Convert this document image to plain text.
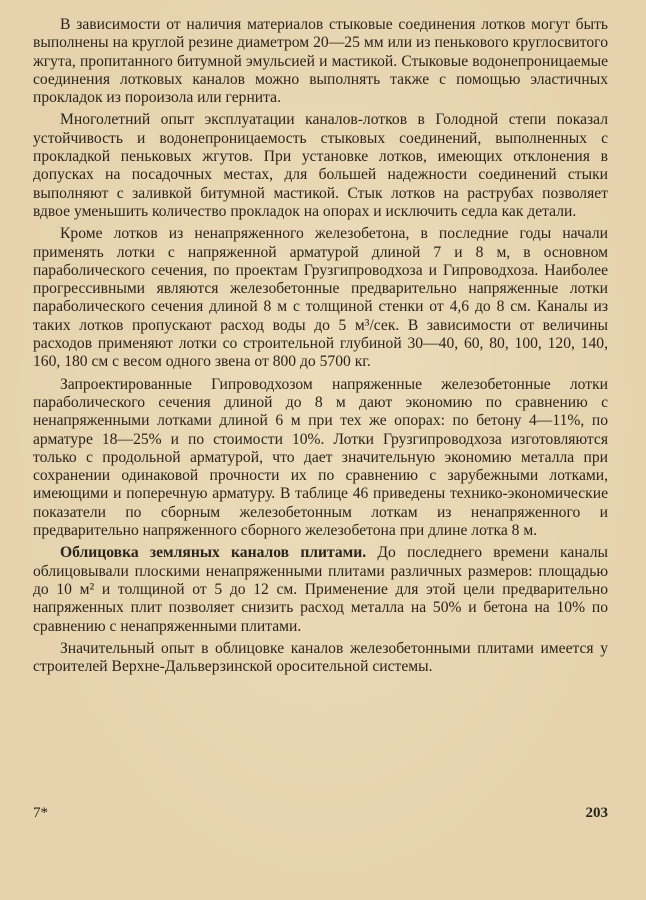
В зависимости от наличия материалов стыковые соединения лотков могут быть выполнены на круглой резине диаметром 20—25 мм или из пенькового круглосвитого жгута, пропитанного битумной эмульсией и мастикой. Стыковые водонепроницаемые соединения лотковых каналов можно выполнять также с помощью эластичных прокладок из пороизола или гернита.

Многолетний опыт эксплуатации каналов-лотков в Голодной степи показал устойчивость и водонепроницаемость стыковых соединений, выполненных с прокладкой пеньковых жгутов. При установке лотков, имеющих отклонения в допусках на посадочных местах, для большей надежности соединений стыки выполняют с заливкой битумной мастикой. Стык лотков на раструбах позволяет вдвое уменьшить количество прокладок на опорах и исключить седла как детали.

Кроме лотков из ненапряженного железобетона, в последние годы начали применять лотки с напряженной арматурой длиной 7 и 8 м, в основном параболического сечения, по проектам Грузгипроводхоза и Гипроводхоза. Наиболее прогрессивными являются железобетонные предварительно напряженные лотки параболического сечения длиной 8 м с толщиной стенки от 4,6 до 8 см. Каналы из таких лотков пропускают расход воды до 5 м³/сек. В зависимости от величины расходов применяют лотки со строительной глубиной 30—40, 60, 80, 100, 120, 140, 160, 180 см с весом одного звена от 800 до 5700 кг.

Запроектированные Гипроводхозом напряженные железобетонные лотки параболического сечения длиной до 8 м дают экономию по сравнению с ненапряженными лотками длиной 6 м при тех же опорах: по бетону 4—11%, по арматуре 18—25% и по стоимости 10%. Лотки Грузгипроводхоза изготовляются только с продольной арматурой, что дает значительную экономию металла при сохранении одинаковой прочности их по сравнению с зарубежными лотками, имеющими и поперечную арматуру. В таблице 46 приведены технико-экономические показатели по сборным железобетонным лоткам из ненапряженного и предварительно напряженного сборного железобетона при длине лотка 8 м.

Облицовка земляных каналов плитами. До последнего времени каналы облицовывали плоскими ненапряженными плитами различных размеров: площадью до 10 м² и толщиной от 5 до 12 см. Применение для этой цели предварительно напряженных плит позволяет снизить расход металла на 50% и бетона на 10% по сравнению с ненапряженными плитами.

Значительный опыт в облицовке каналов железобетонными плитами имеется у строителей Верхне-Дальверзинской оросительной системы.

7*	203
